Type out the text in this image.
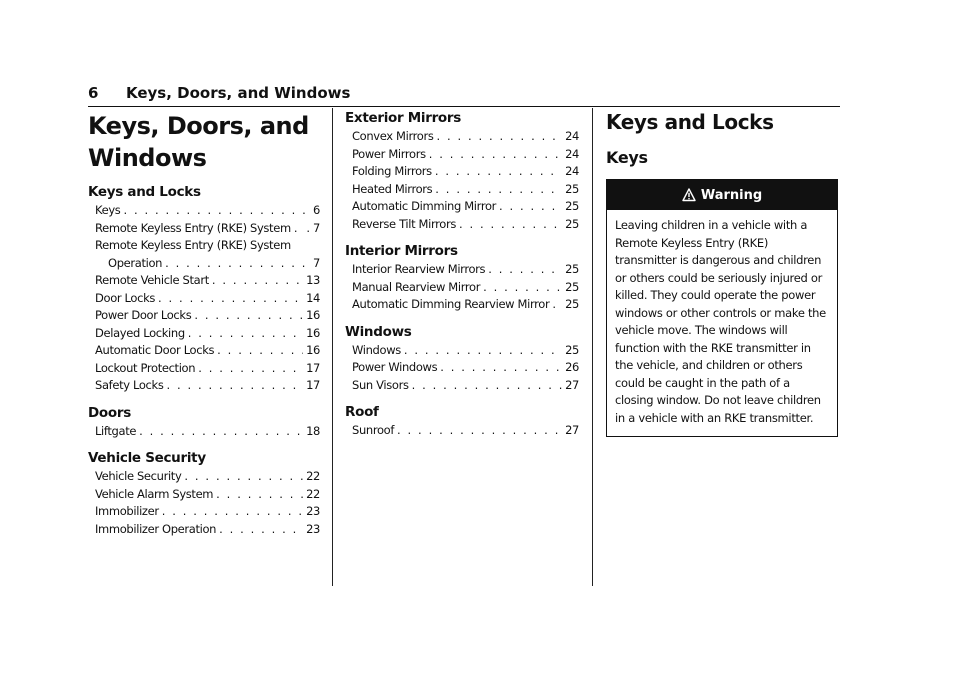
6 Keys, Doors, and Windows
Keys, Doors, and
Windows
Keys and Locks
Keys . . .	6
Remote Keyless Entry (RKE) System . . . . 7
Remote Keyless Entry (RKE) System
Operation . . .	7
Remote Vehicle Start . . .	13
Door Locks . . .	14
Power Door Locks . . .	16
Delayed Locking . . .	16
Automatic Door Locks . . .	16
Lockout Protection . . .	17
Safety Locks . . .	17
Doors
Liftgate . . .	18
Vehicle Security
Vehicle Security . . .	22
Vehicle Alarm System . . .	22
Immobilizer . . .	23
Immobilizer Operation . . .	23
Exterior Mirrors
Convex Mirrors . . .	24
Power Mirrors . . .	24
Folding Mirrors . . .	24
Heated Mirrors . . .	25
Automatic Dimming Mirror . . .	25
Reverse Tilt Mirrors . . .	25
Interior Mirrors
Interior Rearview Mirrors . . .	25
Manual Rearview Mirror . . .	25
Automatic Dimming Rearview Mirror . . . 25
Windows
Windows . . .	25
Power Windows . . .	26
Sun Visors . . .	27
Roof
Sunroof . . .	27
Keys and Locks
Keys
Warning
Leaving children in a vehicle with a Remote Keyless Entry (RKE) transmitter is dangerous and children or others could be seriously injured or killed. They could operate the power windows or other controls or make the vehicle move. The windows will function with the RKE transmitter in the vehicle, and children or others could be caught in the path of a closing window. Do not leave children in a vehicle with an RKE transmitter.
